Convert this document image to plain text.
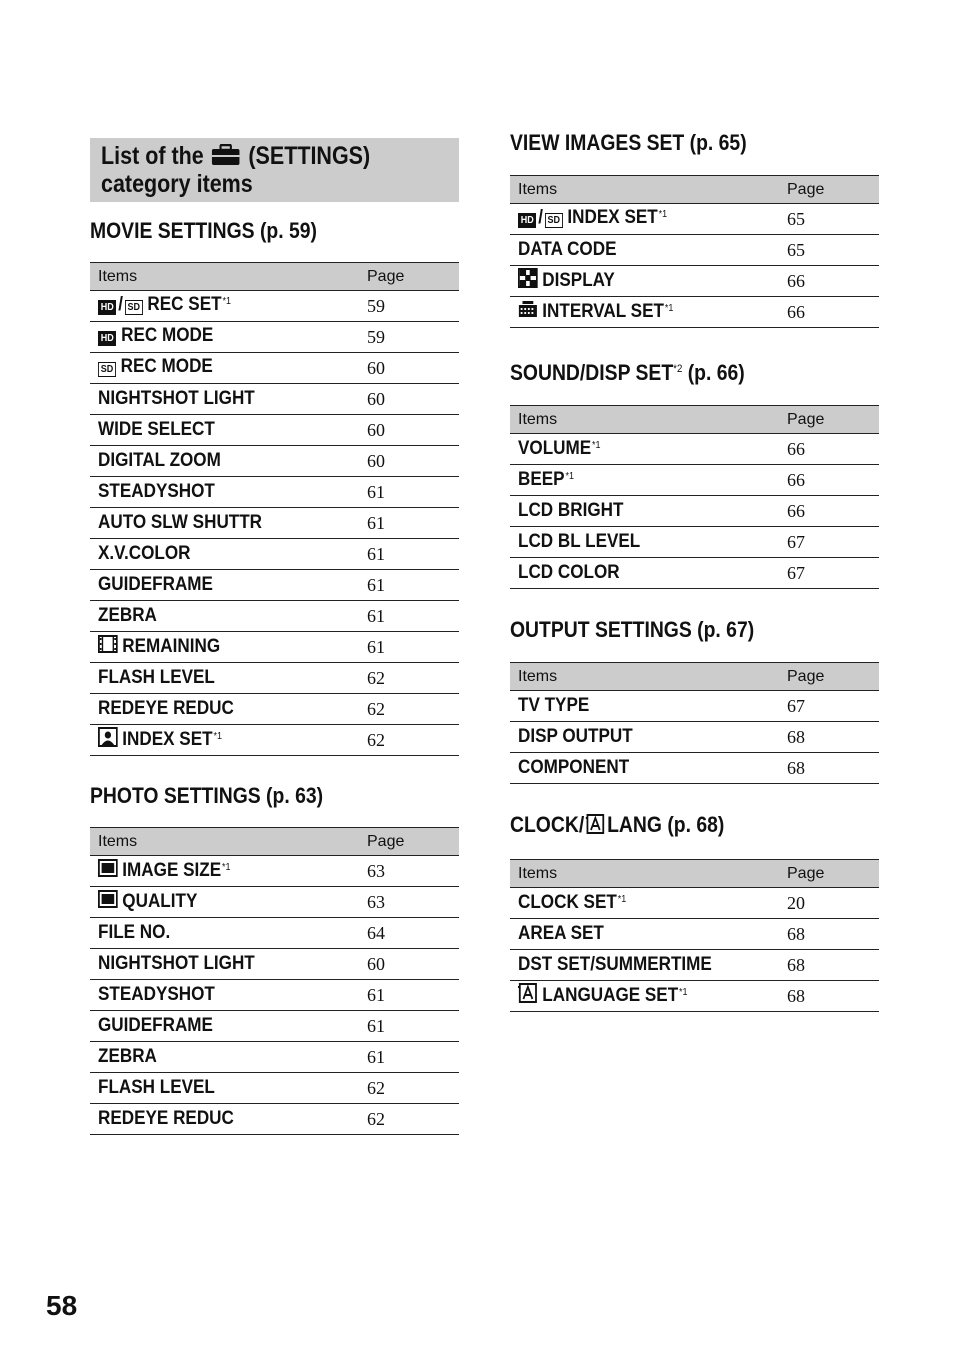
List of the (SETTINGS)
category items
MOVIE SETTINGS (p. 59)
Items	Page
HD / SD REC SET$^{*1}$	59
HD REC MODE	59
SD REC MODE	60
NIGHTSHOT LIGHT	60
WIDE SELECT	60
DIGITAL ZOOM	60
STEADYSHOT	61
AUTO SLW SHUTTR	61
X.V.COLOR	61
GUIDEFRAME	61
ZEBRA	61
REMAINING	61
FLASH LEVEL	62
REDEYE REDUC	62
INDEX SET$^{*1}$	62
PHOTO SETTINGS (p. 63)
Items	Page
IMAGE SIZE$^{*1}$	63
QUALITY	63
FILE NO.	64
NIGHTSHOT LIGHT	60
STEADYSHOT	61
GUIDEFRAME	61
ZEBRA	61
FLASH LEVEL	62
REDEYE REDUC	62
VIEW IMAGES SET (p. 65)
Items	Page
HD / SD INDEX SET$^{*1}$	65
DATA CODE	65
DISPLAY	66
INTERVAL SET$^{*1}$	66
SOUND/DISP SET$^{*2}$ (p. 66)
Items	Page
VOLUME$^{*1}$	66
BEEP$^{*1}$	66
LCD BRIGHT	66
LCD BL LEVEL	67
LCD COLOR	67
OUTPUT SETTINGS (p. 67)
Items	Page
TV TYPE	67
DISP OUTPUT	68
COMPONENT	68
CLOCK/ LANG (p. 68)
Items	Page
CLOCK SET$^{*1}$	20
AREA SET	68
DST SET/SUMMERTIME	68
LANGUAGE SET$^{*1}$	68
58
